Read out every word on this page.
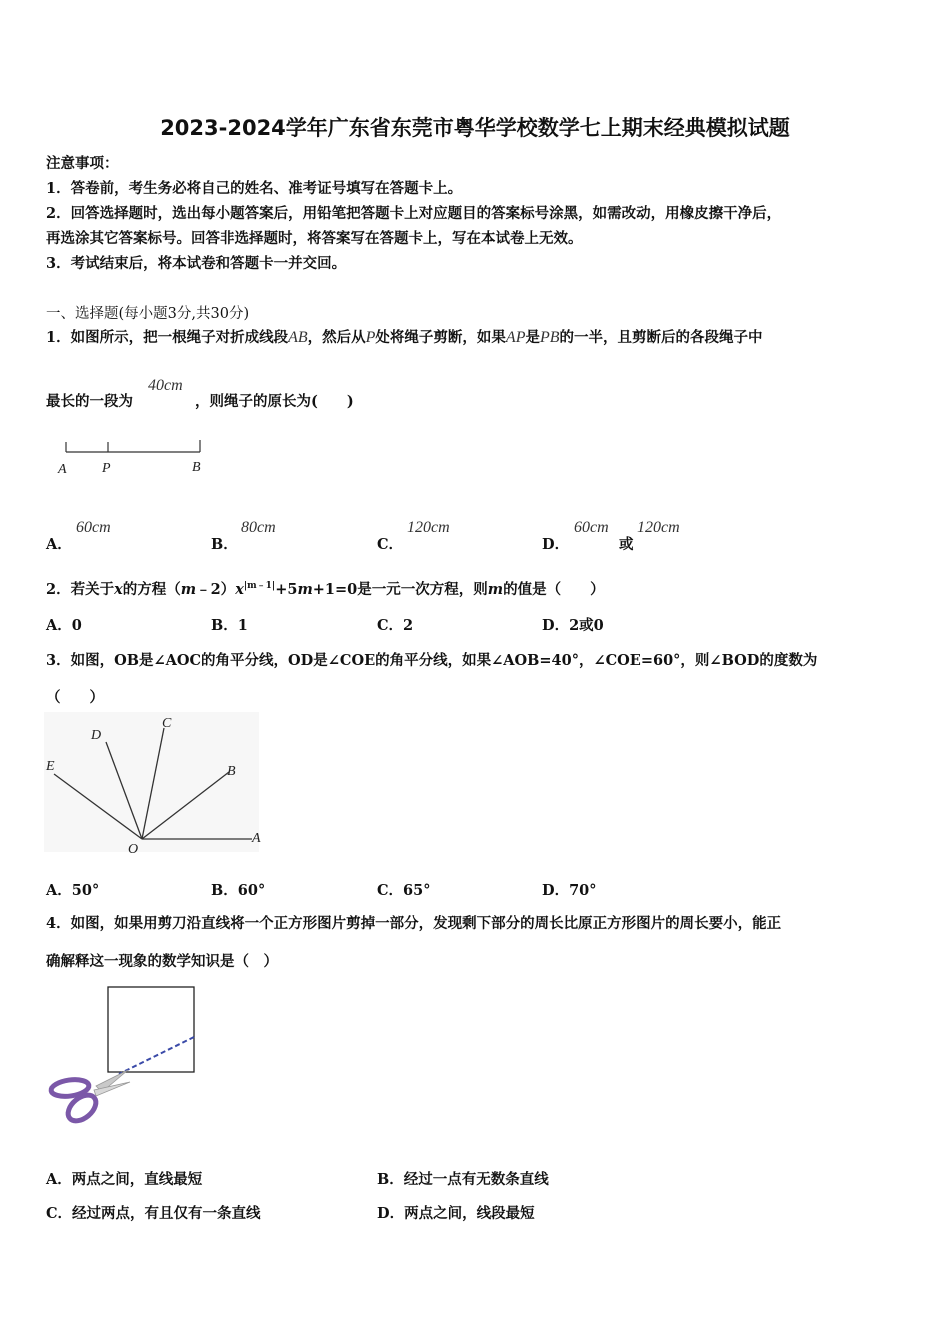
2023-2024学年广东省东莞市粤华学校数学七上期末经典模拟试题
注意事项：
1．答卷前，考生务必将自己的姓名、准考证号填写在答题卡上。
2．回答选择题时，选出每小题答案后，用铅笔把答题卡上对应题目的答案标号涂黑，如需改动，用橡皮擦干净后，
再选涂其它答案标号。回答非选择题时，将答案写在答题卡上，写在本试卷上无效。
3．考试结束后，将本试卷和答题卡一并交回。
一、选择题(每小题3分,共30分)
1．如图所示，把一根绳子对折成线段AB，然后从P处将绳子剪断，如果AP是PB的一半，且剪断后的各段绳子中
最长的一段为
40cm
，则绳子的原长为(　　)
A	P	B
A．
60cm
B．
80cm
C．
120cm
D．
60cm
或
120cm
2．若关于x的方程$(m﹣2)x^{|m﹣1|}+5m+1=0$是一元一次方程，则m的值是（　　）
A．0	B．1	C．2	D．2或0
3．如图，OB是∠AOC的角平分线，OD是∠COE的角平分线，如果∠AOB=40°，∠COE=60°，则∠BOD的度数为
（　　）
A
B
C
D
E
O
A．50°	B．60°	C．65°	D．70°
4．如图，如果用剪刀沿直线将一个正方形图片剪掉一部分，发现剩下部分的周长比原正方形图片的周长要小，能正
确解释这一现象的数学知识是（　）
A．两点之间，直线最短	B．经过一点有无数条直线
C．经过两点，有且仅有一条直线	D．两点之间，线段最短
